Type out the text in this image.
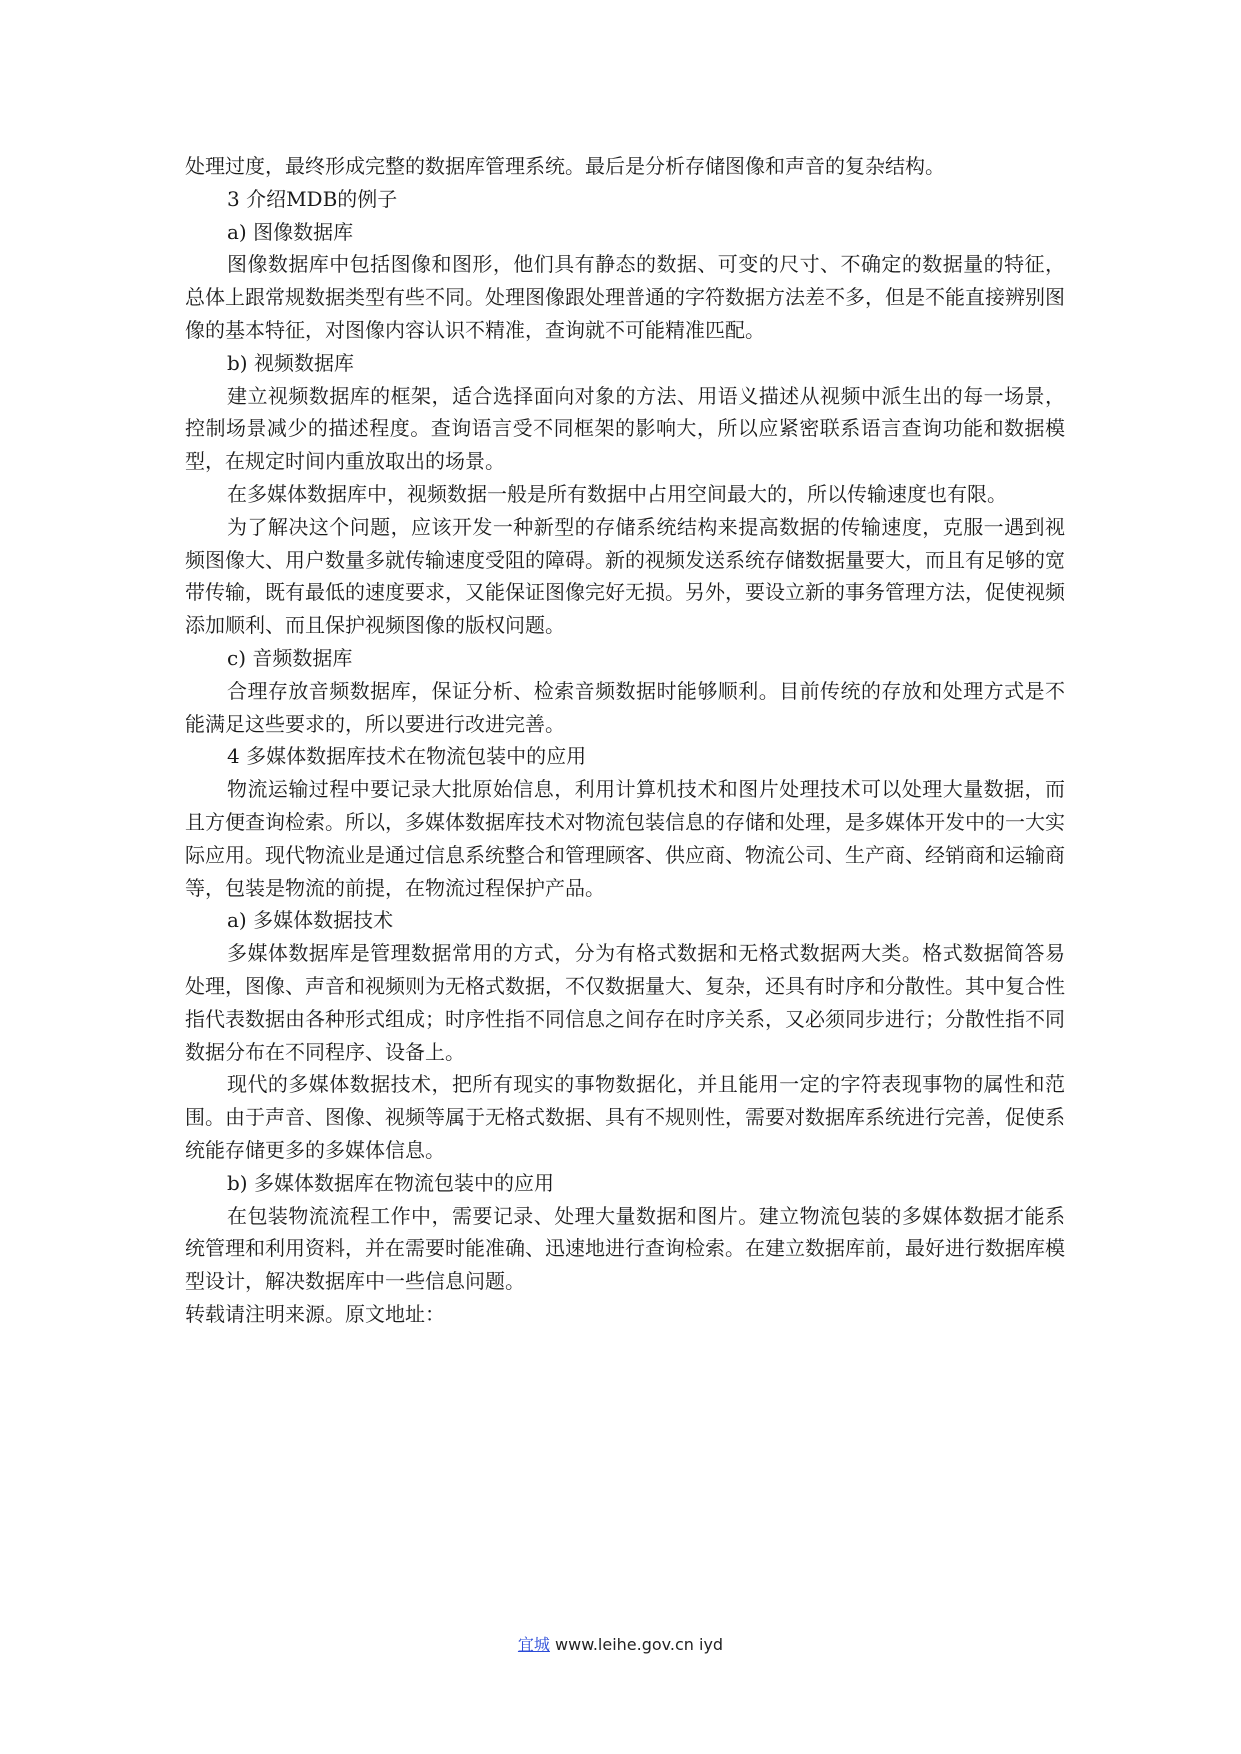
处理过度，最终形成完整的数据库管理系统。最后是分析存储图像和声音的复杂结构。

3 介绍MDB的例子

a) 图像数据库

图像数据库中包括图像和图形，他们具有静态的数据、可变的尺寸、不确定的数据量的特征，总体上跟常规数据类型有些不同。处理图像跟处理普通的字符数据方法差不多，但是不能直接辨别图像的基本特征，对图像内容认识不精准，查询就不可能精准匹配。

b) 视频数据库

建立视频数据库的框架，适合选择面向对象的方法、用语义描述从视频中派生出的每一场景，控制场景减少的描述程度。查询语言受不同框架的影响大，所以应紧密联系语言查询功能和数据模型，在规定时间内重放取出的场景。

在多媒体数据库中，视频数据一般是所有数据中占用空间最大的，所以传输速度也有限。

为了解决这个问题，应该开发一种新型的存储系统结构来提高数据的传输速度，克服一遇到视频图像大、用户数量多就传输速度受阻的障碍。新的视频发送系统存储数据量要大，而且有足够的宽带传输，既有最低的速度要求，又能保证图像完好无损。另外，要设立新的事务管理方法，促使视频添加顺利、而且保护视频图像的版权问题。

c) 音频数据库

合理存放音频数据库，保证分析、检索音频数据时能够顺利。目前传统的存放和处理方式是不能满足这些要求的，所以要进行改进完善。

4 多媒体数据库技术在物流包装中的应用

物流运输过程中要记录大批原始信息，利用计算机技术和图片处理技术可以处理大量数据，而且方便查询检索。所以，多媒体数据库技术对物流包装信息的存储和处理，是多媒体开发中的一大实际应用。现代物流业是通过信息系统整合和管理顾客、供应商、物流公司、生产商、经销商和运输商等，包装是物流的前提，在物流过程保护产品。

a) 多媒体数据技术

多媒体数据库是管理数据常用的方式，分为有格式数据和无格式数据两大类。格式数据简答易处理，图像、声音和视频则为无格式数据，不仅数据量大、复杂，还具有时序和分散性。其中复合性指代表数据由各种形式组成；时序性指不同信息之间存在时序关系，又必须同步进行；分散性指不同数据分布在不同程序、设备上。

现代的多媒体数据技术，把所有现实的事物数据化，并且能用一定的字符表现事物的属性和范围。由于声音、图像、视频等属于无格式数据、具有不规则性，需要对数据库系统进行完善，促使系统能存储更多的多媒体信息。

b) 多媒体数据库在物流包装中的应用

在包装物流流程工作中，需要记录、处理大量数据和图片。建立物流包装的多媒体数据才能系统管理和利用资料，并在需要时能准确、迅速地进行查询检索。在建立数据库前，最好进行数据库模型设计，解决数据库中一些信息问题。

转载请注明来源。原文地址：

宜城 www.leihe.gov.cn iyd
